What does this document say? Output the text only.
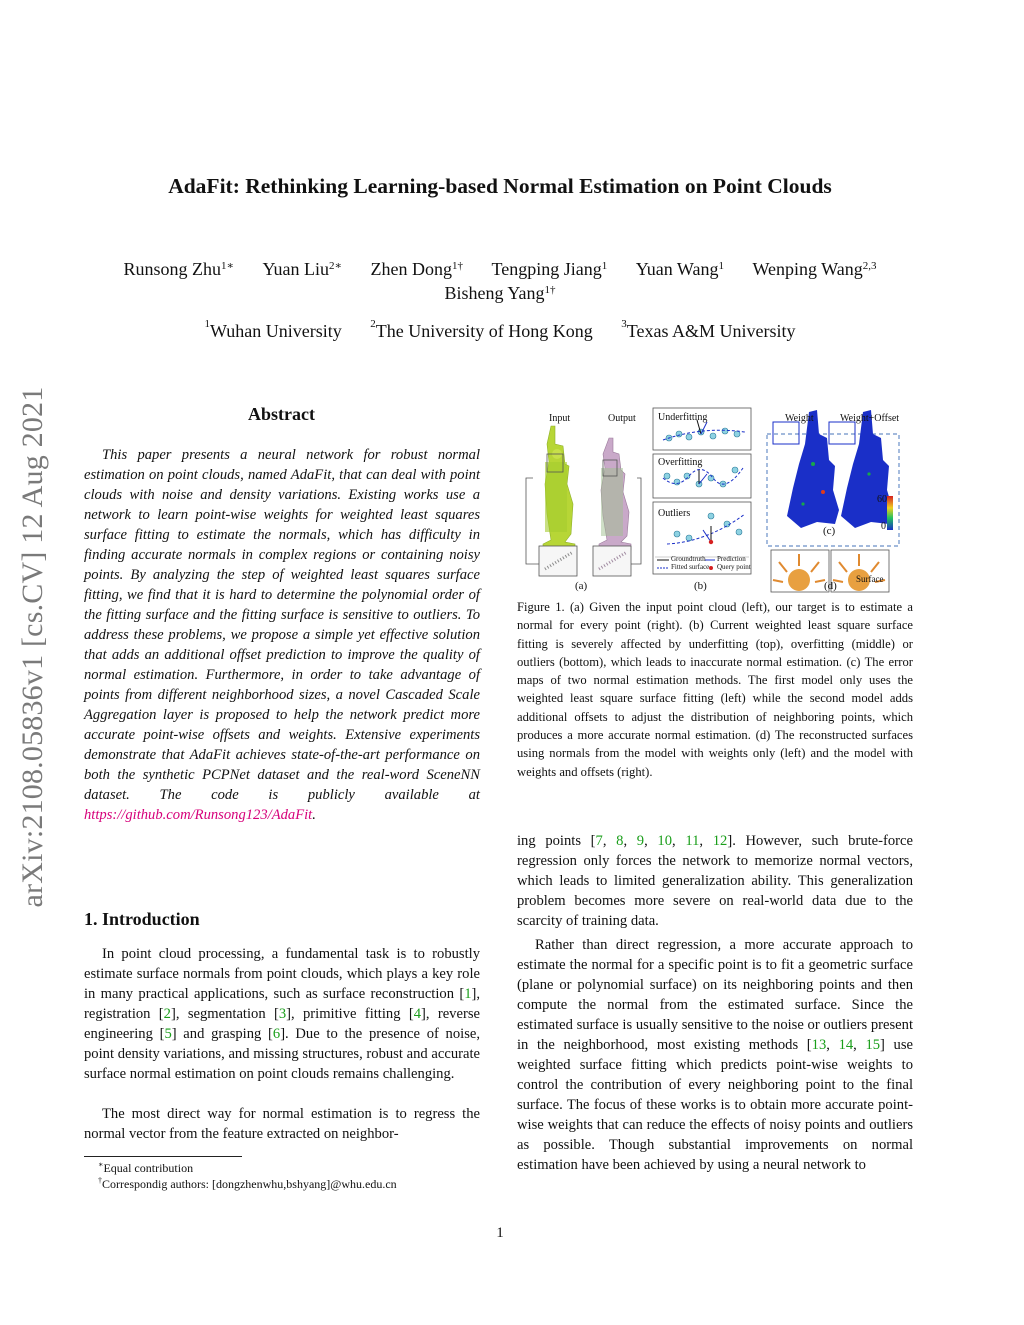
AdaFit: Rethinking Learning-based Normal Estimation on Point Clouds
Runsong Zhu$^{1∗}$ Yuan Liu$^{2∗}$ Zhen Dong$^{1\dagger}$ Tengping Jiang$^1$ Yuan Wang$^1$ Wenping Wang$^{2,3}$
Bisheng Yang$^{1\dagger}$
$^1$Wuhan University	$^2$The University of Hong Kong	$^3$Texas A&M University
arXiv:2108.05836v1 [cs.CV] 12 Aug 2021	Abstract
This paper presents a neural network for robust normal estimation on point clouds, named AdaFit, that can deal with point clouds with noise and density variations. Existing works use a network to learn point-wise weights for weighted least squares surface fitting to estimate the normals, which has difficulty in finding accurate normals in complex regions or containing noisy points. By analyzing the step of weighted least squares surface fitting, we find that it is hard to determine the polynomial order of the fitting surface and the fitting surface is sensitive to outliers. To address these problems, we propose a simple yet effective solution that adds an additional offset prediction to improve the quality of normal estimation. Furthermore, in order to take advantage of points from different neighborhood sizes, a novel Cascaded Scale Aggregation layer is proposed to help the network predict more accurate point-wise offsets and weights. Extensive experiments demonstrate that AdaFit achieves state-of-the-art performance on both the synthetic PCPNet dataset and the real-word SceneNN dataset. The code is publicly available at https://github.com/Runsong123/AdaFit.
1. Introduction
In point cloud processing, a fundamental task is to robustly estimate surface normals from point clouds, which plays a key role in many practical applications, such as surface reconstruction [1], registration [2], segmentation [3], primitive fitting [4], reverse engineering [5] and grasping [6]. Due to the presence of noise, point density variations, and missing structures, robust and accurate surface normal estimation on point clouds remains challenging.
The most direct way for normal estimation is to regress the normal vector from the feature extracted on neighbor-
∗Equal contribution
†Correspondig authors: [dongzhenwhu,bshyang]@whu.edu.cn
Input	Output Underfitting
Overfitting
Outliers
Weight	Weight+Offset
60
0
(c)
Surface
Groundtruth Prediction
Fitted surface Query point
(a)	(b)	(d)
Figure 1. (a) Given the input point cloud (left), our target is to estimate a normal for every point (right). (b) Current weighted least square surface fitting is severely affected by underfitting (top), overfitting (middle) or outliers (bottom), which leads to inaccurate normal estimation. (c) The error maps of two normal estimation methods. The first model only uses the weighted least square surface fitting (left) while the second model adds additional offsets to adjust the distribution of neighboring points, which produces a more accurate normal estimation. (d) The reconstructed surfaces using normals from the model with weights only (left) and the model with weights and offsets (right).
ing points [7, 8, 9, 10, 11, 12]. However, such brute-force regression only forces the network to memorize normal vectors, which leads to limited generalization ability. This generalization problem becomes more severe on real-world data due to the scarcity of training data.
Rather than direct regression, a more accurate approach to estimate the normal for a specific point is to fit a geometric surface (plane or polynomial surface) on its neighboring points and then compute the normal from the estimated surface. Since the estimated surface is usually sensitive to the noise or outliers present in the neighborhood, most existing methods [13, 14, 15] use weighted surface fitting which predicts point-wise weights to control the contribution of every neighboring point to the final surface. The focus of these works is to obtain more accurate point-wise weights that can reduce the effects of noisy points and outliers as possible. Though substantial improvements on normal estimation have been achieved by using a neural network to
1
